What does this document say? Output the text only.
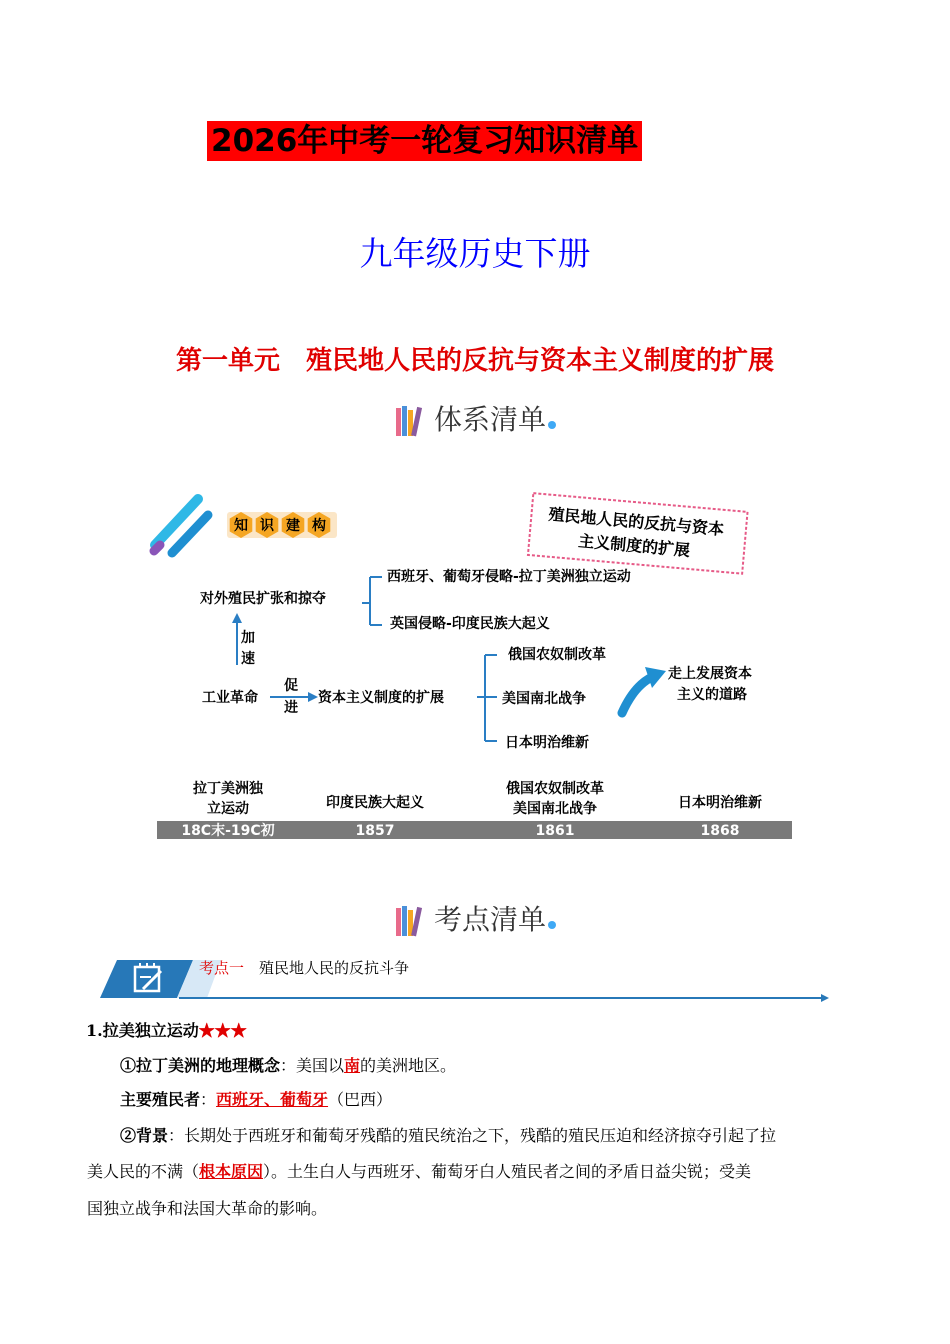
2026年中考一轮复习知识清单
九年级历史下册
第一单元　殖民地人民的反抗与资本主义制度的扩展
体系清单
知 识 建 构	殖民地人民的反抗与资本
主义制度的扩展
对外殖民扩张和掠夺
西班牙、葡萄牙侵略-拉丁美洲独立运动
英国侵略-印度民族大起义
加
速
工业革命
促
进
资本主义制度的扩展
俄国农奴制改革
美国南北战争
日本明治维新
走上发展资本
主义的道路
拉丁美洲独
立运动
18C末-19C初
印度民族大起义
1857
俄国农奴制改革
美国南北战争
1861
日本明治维新
1868
考点清单
考点一　 殖民地人民的反抗斗争
1.拉美独立运动★★★
①拉丁美洲的地理概念：美国以南的美洲地区。
主要殖民者：西班牙、葡萄牙（巴西）
②背景：长期处于西班牙和葡萄牙残酷的殖民统治之下，残酷的殖民压迫和经济掠夺引起了拉
美人民的不满（根本原因）。土生白人与西班牙、葡萄牙白人殖民者之间的矛盾日益尖锐；受美
国独立战争和法国大革命的影响。
